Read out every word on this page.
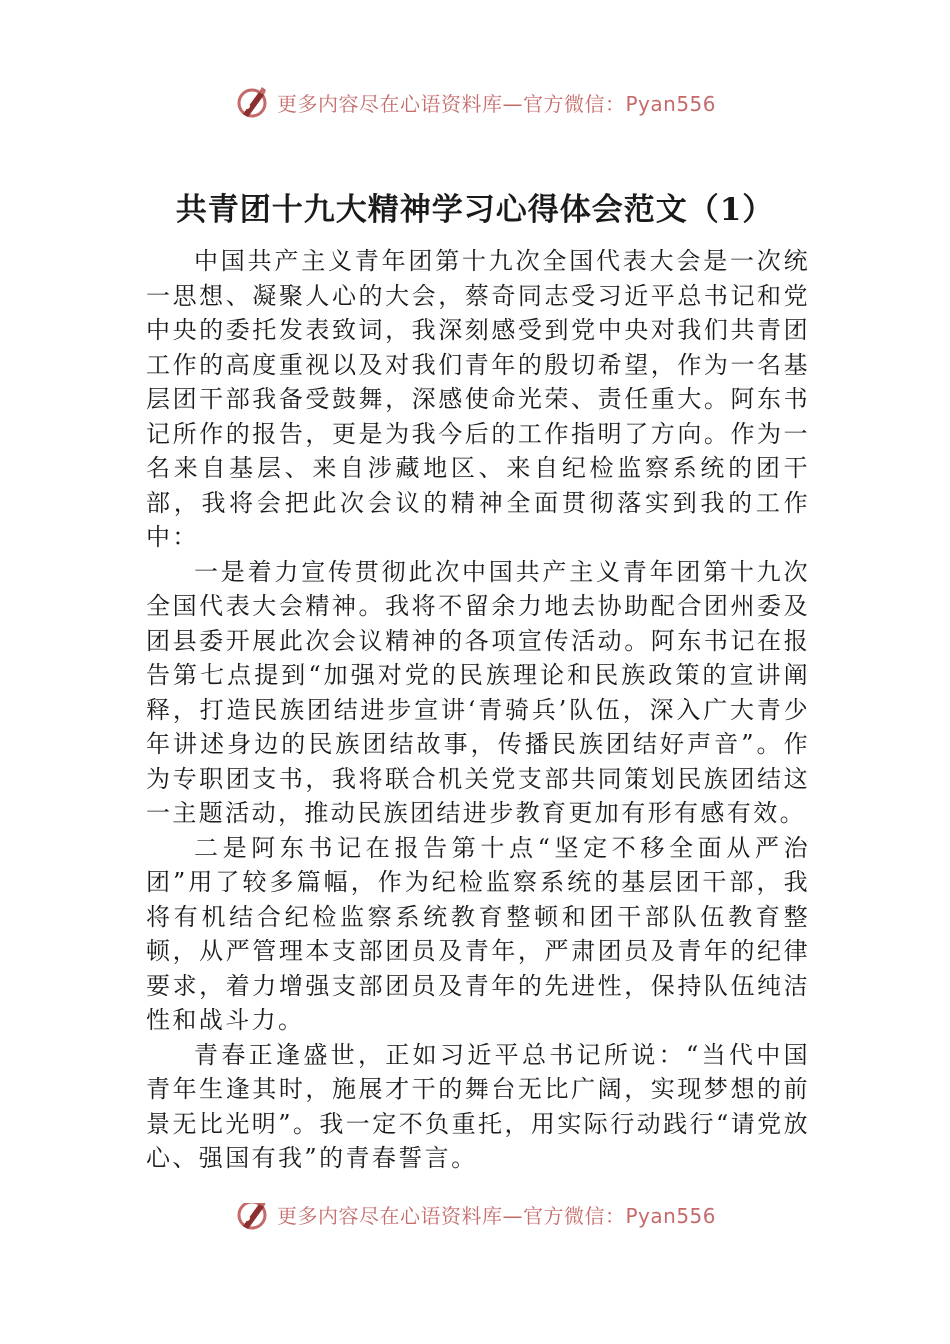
更多内容尽在心语资料库—官方微信：Pyan556
共青团十九大精神学习心得体会范文（1）

中国共产主义青年团第十九次全国代表大会是一次统一思想、凝聚人心的大会，蔡奇同志受习近平总书记和党中央的委托发表致词，我深刻感受到党中央对我们共青团工作的高度重视以及对我们青年的殷切希望，作为一名基层团干部我备受鼓舞，深感使命光荣、责任重大。阿东书记所作的报告，更是为我今后的工作指明了方向。作为一名来自基层、来自涉藏地区、来自纪检监察系统的团干部，我将会把此次会议的精神全面贯彻落实到我的工作中：

一是着力宣传贯彻此次中国共产主义青年团第十九次全国代表大会精神。我将不留余力地去协助配合团州委及团县委开展此次会议精神的各项宣传活动。阿东书记在报告第七点提到“加强对党的民族理论和民族政策的宣讲阐释，打造民族团结进步宣讲‘青骑兵’队伍，深入广大青少年讲述身边的民族团结故事，传播民族团结好声音”。作为专职团支书，我将联合机关党支部共同策划民族团结这一主题活动，推动民族团结进步教育更加有形有感有效。

二是阿东书记在报告第十点“坚定不移全面从严治团”用了较多篇幅，作为纪检监察系统的基层团干部，我将有机结合纪检监察系统教育整顿和团干部队伍教育整顿，从严管理本支部团员及青年，严肃团员及青年的纪律要求，着力增强支部团员及青年的先进性，保持队伍纯洁性和战斗力。

青春正逢盛世，正如习近平总书记所说：“当代中国青年生逢其时，施展才干的舞台无比广阔，实现梦想的前景无比光明”。我一定不负重托，用实际行动践行“请党放心、强国有我”的青春誓言。

更多内容尽在心语资料库—官方微信：Pyan556
